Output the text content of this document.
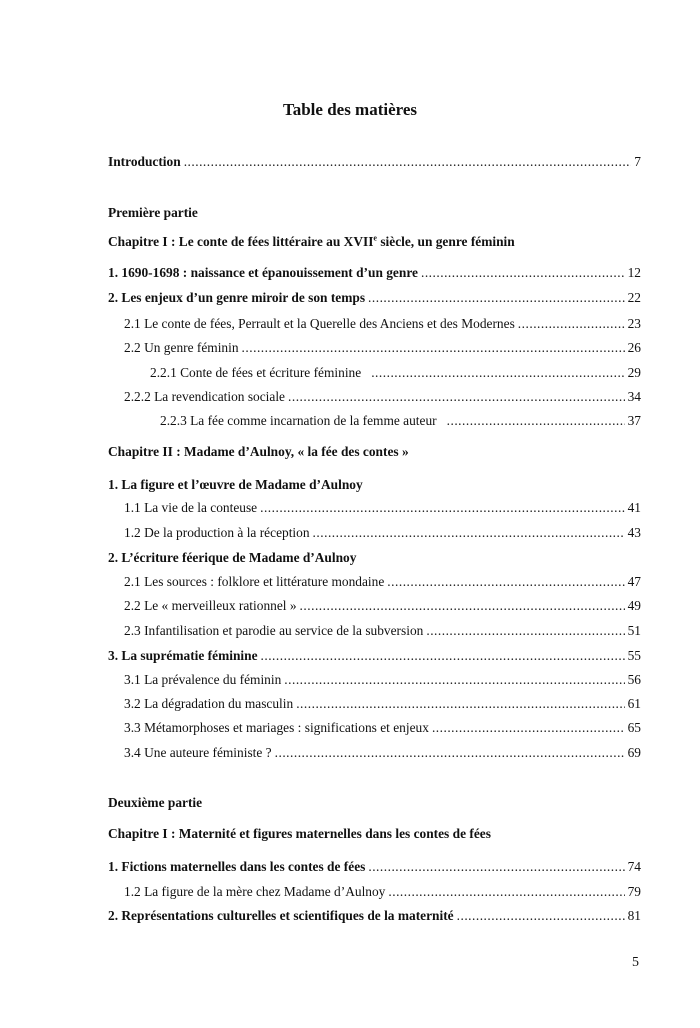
Table des matières
Introduction .....	7
Première partie
Chapitre I : Le conte de fées littéraire au XVIIe siècle, un genre féminin
1. 1690-1698 : naissance et épanouissement d’un genre .....	12
2. Les enjeux d’un genre miroir de son temps .....	22
2.1 Le conte de fées, Perrault et la Querelle des Anciens et des Modernes .....	23
2.2 Un genre féminin .....	26
2.2.1 Conte de fées et écriture féminine .....	29
2.2.2 La revendication sociale .....	34
2.2.3 La fée comme incarnation de la femme auteur .....	37
Chapitre II : Madame d’Aulnoy, « la fée des contes »
1. La figure et l’œuvre de Madame d’Aulnoy
1.1 La vie de la conteuse .....	41
1.2 De la production à la réception .....	43
2. L’écriture féerique de Madame d’Aulnoy
2.1 Les sources : folklore et littérature mondaine .....	47
2.2 Le « merveilleux rationnel » .....	49
2.3 Infantilisation et parodie au service de la subversion .....	51
3. La suprématie féminine .....	55
3.1 La prévalence du féminin .....	56
3.2 La dégradation du masculin .....	61
3.3 Métamorphoses et mariages : significations et enjeux .....	65
3.4 Une auteure féministe ? .....	69
Deuxième partie
Chapitre I : Maternité et figures maternelles dans les contes de fées
1. Fictions maternelles dans les contes de fées .....	74
1.2 La figure de la mère chez Madame d’Aulnoy .....	79
2. Représentations culturelles et scientifiques de la maternité .....	81
5
